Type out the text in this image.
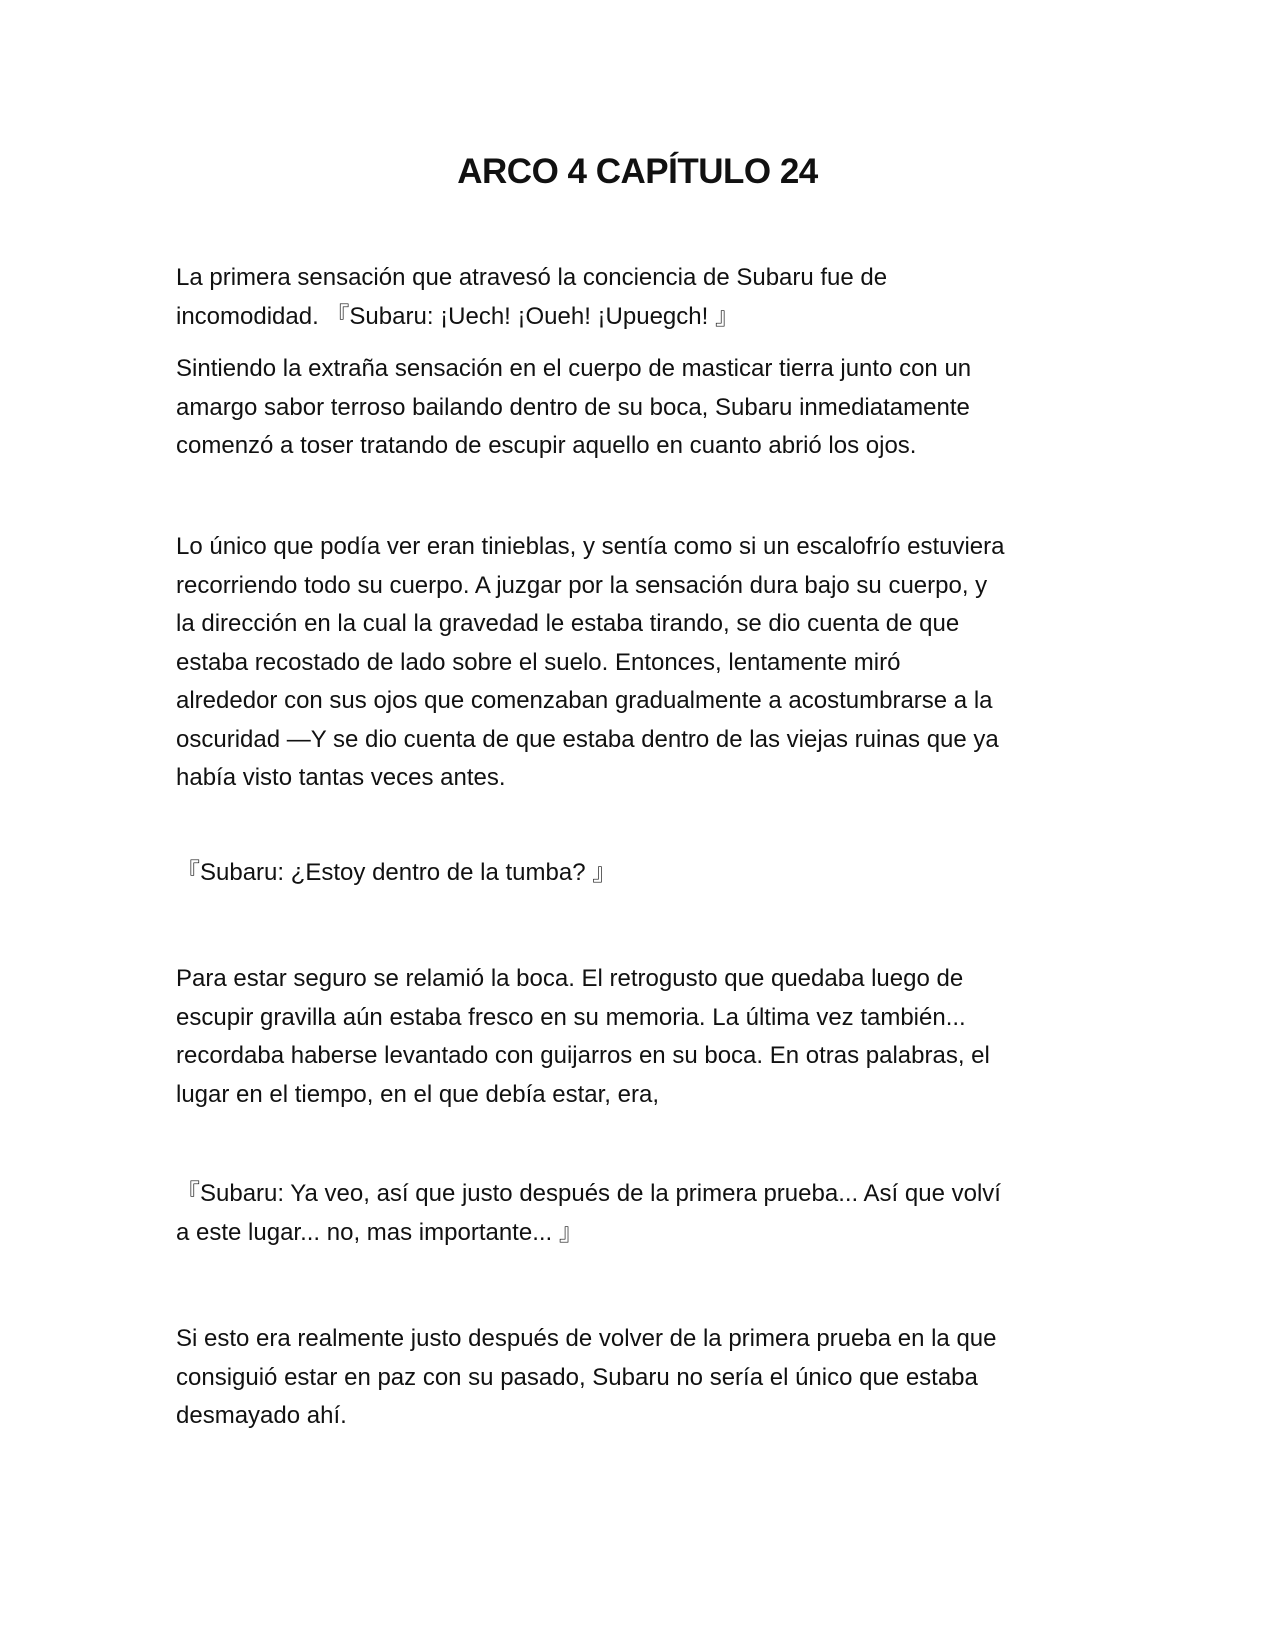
ARCO 4 CAPÍTULO 24

La primera sensación que atravesó la conciencia de Subaru fue de
incomodidad. 『Subaru: ¡Uech! ¡Oueh! ¡Upuegch! 』

Sintiendo la extraña sensación en el cuerpo de masticar tierra junto con un
amargo sabor terroso bailando dentro de su boca, Subaru inmediatamente
comenzó a toser tratando de escupir aquello en cuanto abrió los ojos.

Lo único que podía ver eran tinieblas, y sentía como si un escalofrío estuviera
recorriendo todo su cuerpo. A juzgar por la sensación dura bajo su cuerpo, y
la dirección en la cual la gravedad le estaba tirando, se dio cuenta de que
estaba recostado de lado sobre el suelo. Entonces, lentamente miró
alrededor con sus ojos que comenzaban gradualmente a acostumbrarse a la
oscuridad —Y se dio cuenta de que estaba dentro de las viejas ruinas que ya
había visto tantas veces antes.

『Subaru: ¿Estoy dentro de la tumba? 』

Para estar seguro se relamió la boca. El retrogusto que quedaba luego de
escupir gravilla aún estaba fresco en su memoria. La última vez también...
recordaba haberse levantado con guijarros en su boca. En otras palabras, el
lugar en el tiempo, en el que debía estar, era,

『Subaru: Ya veo, así que justo después de la primera prueba... Así que volví
a este lugar... no, mas importante... 』

Si esto era realmente justo después de volver de la primera prueba en la que
consiguió estar en paz con su pasado, Subaru no sería el único que estaba
desmayado ahí.
